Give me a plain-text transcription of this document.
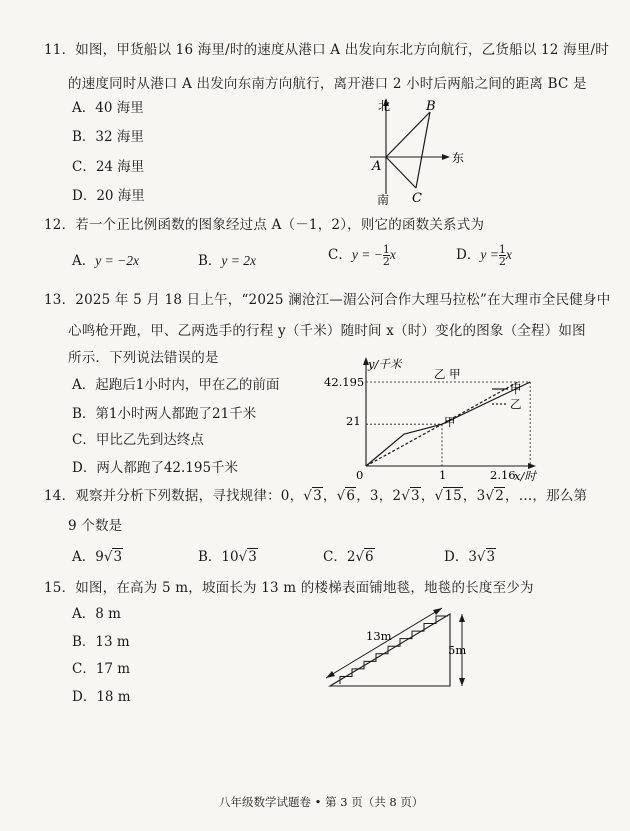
11．如图，甲货船以 16 海里/时的速度从港口 A 出发向东北方向航行，乙货船以 12 海里/时
的速度同时从港口 A 出发向东南方向航行，离开港口 2 小时后两船之间的距离 BC 是
A．40 海里
B．32 海里
C．24 海里
D．20 海里
北
南
东
A
B
C
12．若一个正比例函数的图象经过点 A（－1，2），则它的函数关系式为
A．y = −2x	B．y = 2x	C．y = − $\frac{1}{2}$ x	D．$y = \frac{1}{2}$ x
13．2025 年 5 月 18 日上午，“2025 澜沧江—湄公河合作大理马拉松”在大理市全民健身中
心鸣枪开跑，甲、乙两选手的行程 y（千米）随时间 x（时）变化的图象（全程）如图
所示．下列说法错误的是
A．起跑后1小时内，甲在乙的前面
B．第1小时两人都跑了21千米
C．甲比乙先到达终点
D．两人都跑了42.195千米
y/千米
x/时
42.195
21
0	1	2.16
乙 甲
甲
甲
乙
14．观察并分析下列数据，寻找规律：0，√3，√6，3，2√3，√15，3√2，…，那么第
9 个数是
A．9√3	B．10√3	C．2√6	D．3√3
15．如图，在高为 5 m，坡面长为 13 m 的楼梯表面铺地毯，地毯的长度至少为
A．8 m
B．13 m
C．17 m
D．18 m
13m
5m
八年级数学试题卷 • 第 3 页（共 8 页）
